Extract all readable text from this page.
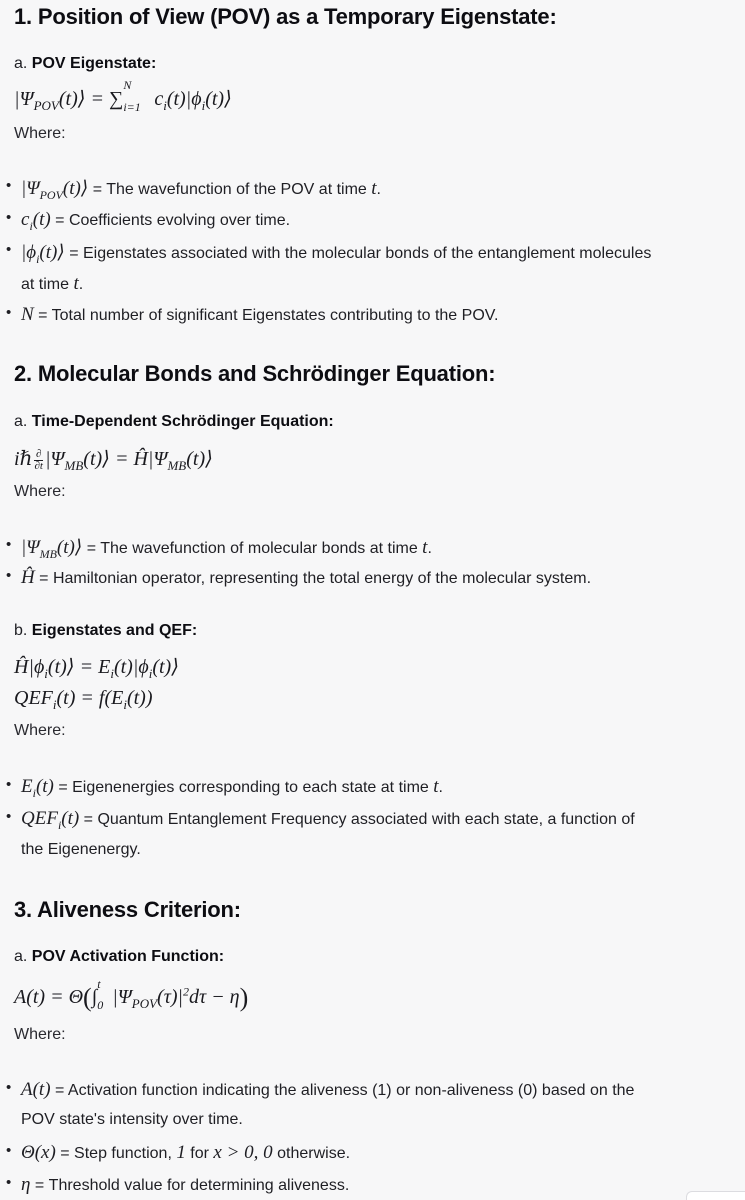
1. Position of View (POV) as a Temporary Eigenstate:
a. POV Eigenstate:
$|\Psi_{POV}(t)⟩$ = ∑
N
i=1 $c_i(t)|\phi_i(t)⟩$
Where:
• $|\Psi_{POV}(t)⟩$ = The wavefunction of the POV at time t.
• $c_i(t)$ = Coefficients evolving over time.
• $|\phi_i(t)⟩$ = Eigenstates associated with the molecular bonds of the entanglement molecules
at time t.
• N = Total number of significant Eigenstates contributing to the POV.
2. Molecular Bonds and Schrödinger Equation:
a. Time-Dependent Schrödinger Equation:
iℏ ∂
∂t $|\Psi_{MB}(t)⟩$ = $Ĥ|\Psi_{MB}(t)⟩$
Where:
• $|\Psi_{MB}(t)⟩$ = The wavefunction of molecular bonds at time t.
• Ĥ = Hamiltonian operator, representing the total energy of the molecular system.
b. Eigenstates and QEF:
$Ĥ|\phi_i(t)⟩$ = $E_i(t)|\phi_i(t)⟩$
$QEF_i(t) = f(E_i(t))$
Where:
• $E_i(t)$ = Eigenenergies corresponding to each state at time t.
• $QEF_i(t)$ = Quantum Entanglement Frequency associated with each state, a function of
the Eigenenergy.
3. Aliveness Criterion:
a. POV Activation Function:
A(t) = Θ(∫
t
0 $|\Psi_{POV}(\tau)|^2d\tau - \eta$)
Where:
• A(t) = Activation function indicating the aliveness (1) or non-aliveness (0) based on the
POV state's intensity over time.
• Θ(x) = Step function, 1 for x > 0, 0 otherwise.
• η = Threshold value for determining aliveness.
